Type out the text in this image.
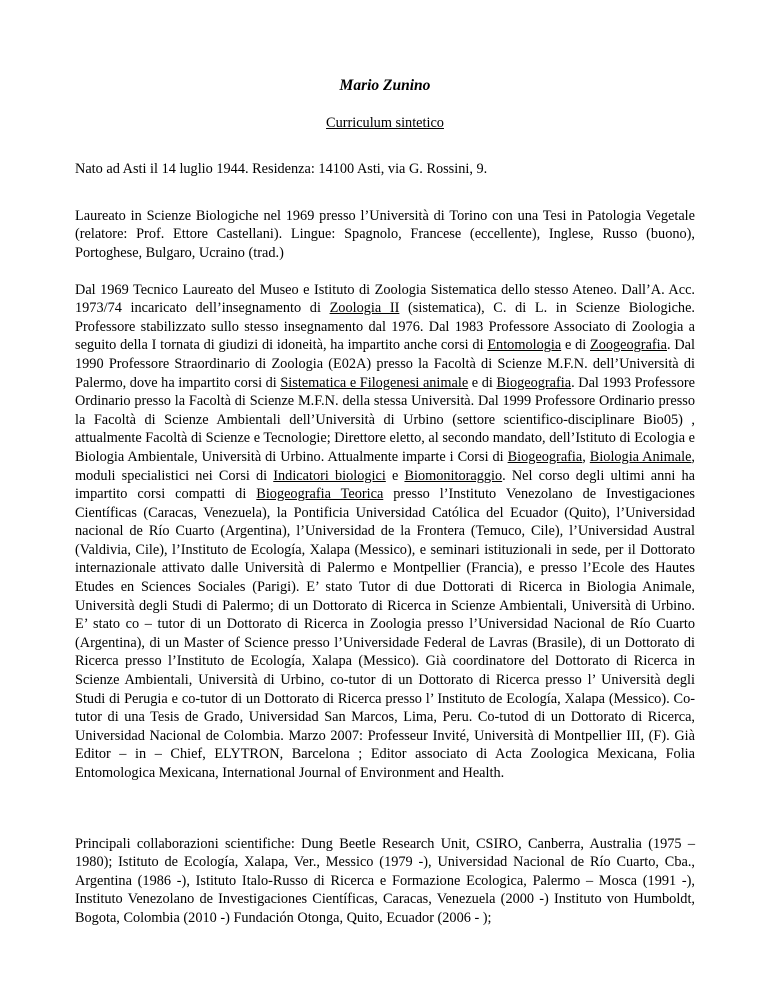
Mario Zunino
Curriculum sintetico

Nato ad Asti il 14 luglio 1944. Residenza: 14100 Asti, via G. Rossini, 9.

Laureato in Scienze Biologiche nel 1969 presso l’Università di Torino con una Tesi in Patologia Vegetale (relatore: Prof. Ettore Castellani). Lingue: Spagnolo, Francese (eccellente), Inglese, Russo (buono), Portoghese, Bulgaro, Ucraino (trad.)

Dal 1969 Tecnico Laureato del Museo e Istituto di Zoologia Sistematica dello stesso Ateneo. Dall’A. Acc. 1973/74 incaricato dell’insegnamento di Zoologia II (sistematica), C. di L. in Scienze Biologiche. Professore stabilizzato sullo stesso insegnamento dal 1976. Dal 1983 Professore Associato di Zoologia a seguito della I tornata di giudizi di idoneità, ha impartito anche corsi di Entomologia e di Zoogeografia. Dal 1990 Professore Straordinario di Zoologia (E02A) presso la Facoltà di Scienze M.F.N. dell’Università di Palermo, dove ha impartito corsi di Sistematica e Filogenesi animale e di Biogeografia. Dal 1993 Professore Ordinario presso la Facoltà di Scienze M.F.N. della stessa Università. Dal 1999 Professore Ordinario presso la Facoltà di Scienze Ambientali dell’Università di Urbino (settore scientifico-disciplinare Bio05) , attualmente Facoltà di Scienze e Tecnologie; Direttore eletto, al secondo mandato, dell’Istituto di Ecologia e Biologia Ambientale, Università di Urbino. Attualmente imparte i Corsi di Biogeografia, Biologia Animale, moduli specialistici nei Corsi di Indicatori biologici e Biomonitoraggio. Nel corso degli ultimi anni ha impartito corsi compatti di Biogeografia Teorica presso l’Instituto Venezolano de Investigaciones Científicas (Caracas, Venezuela), la Pontificia Universidad Católica del Ecuador (Quito), l’Universidad nacional de Río Cuarto (Argentina), l’Universidad de la Frontera (Temuco, Cile), l’Universidad Austral (Valdivia, Cile), l’Instituto de Ecología, Xalapa (Messico), e seminari istituzionali in sede, per il Dottorato internazionale attivato dalle Università di Palermo e Montpellier (Francia), e presso l’Ecole des Hautes Etudes en Sciences Sociales (Parigi). E’ stato Tutor di due Dottorati di Ricerca in Biologia Animale, Università degli Studi di Palermo; di un Dottorato di Ricerca in Scienze Ambientali, Università di Urbino. E’ stato co – tutor di un Dottorato di Ricerca in Zoologia presso l’Universidad Nacional de Río Cuarto (Argentina), di un Master of Science presso l’Universidade Federal de Lavras (Brasile), di un Dottorato di Ricerca presso l’Instituto de Ecología, Xalapa (Messico). Già coordinatore del Dottorato di Ricerca in Scienze Ambientali, Università di Urbino, co-tutor di un Dottorato di Ricerca presso l’ Università degli Studi di Perugia e co-tutor di un Dottorato di Ricerca presso l’ Instituto de Ecología, Xalapa (Messico). Co-tutor di una Tesis de Grado, Universidad San Marcos, Lima, Peru. Co-tutod di un Dottorato di Ricerca, Universidad Nacional de Colombia. Marzo 2007: Professeur Invité, Università di Montpellier III, (F). Già Editor – in – Chief, ELYTRON, Barcelona ; Editor associato di Acta Zoologica Mexicana, Folia Entomologica Mexicana, International Journal of Environment and Health.

Principali collaborazioni scientifiche: Dung Beetle Research Unit, CSIRO, Canberra, Australia (1975 – 1980); Istituto de Ecología, Xalapa, Ver., Messico (1979 -), Universidad Nacional de Río Cuarto, Cba., Argentina (1986 -), Istituto Italo-Russo di Ricerca e Formazione Ecologica, Palermo – Mosca (1991 -), Instituto Venezolano de Investigaciones Científicas, Caracas, Venezuela (2000 -) Instituto von Humboldt, Bogota, Colombia (2010 -) Fundación Otonga, Quito, Ecuador (2006 - );
